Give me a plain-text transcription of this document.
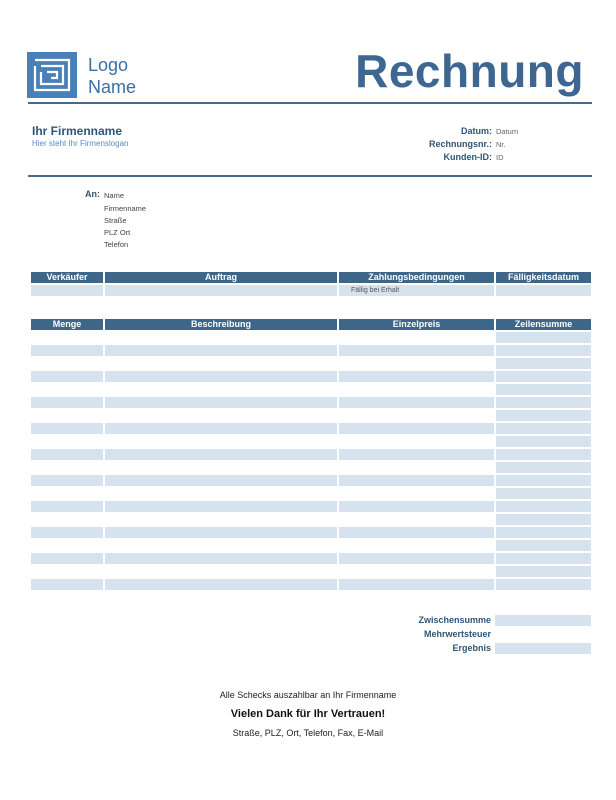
Logo
Name	Rechnung
Ihr Firmenname
Hier steht Ihr Firmenslogan
Datum: Datum
Rechnungsnr.: Nr.
Kunden-ID: ID
An: Name
Firmenname
Straße
PLZ Ort
Telefon
Verkäufer	Auftrag	Zahlungsbedingungen	Fälligkeitsdatum
		Fällig bei Erhalt	
Menge	Beschreibung	Einzelpreis	Zeilensumme

Zwischensumme
Mehrwertsteuer
Ergebnis
Alle Schecks auszahlbar an Ihr Firmenname
Vielen Dank für Ihr Vertrauen!
Straße, PLZ, Ort, Telefon, Fax, E-Mail
